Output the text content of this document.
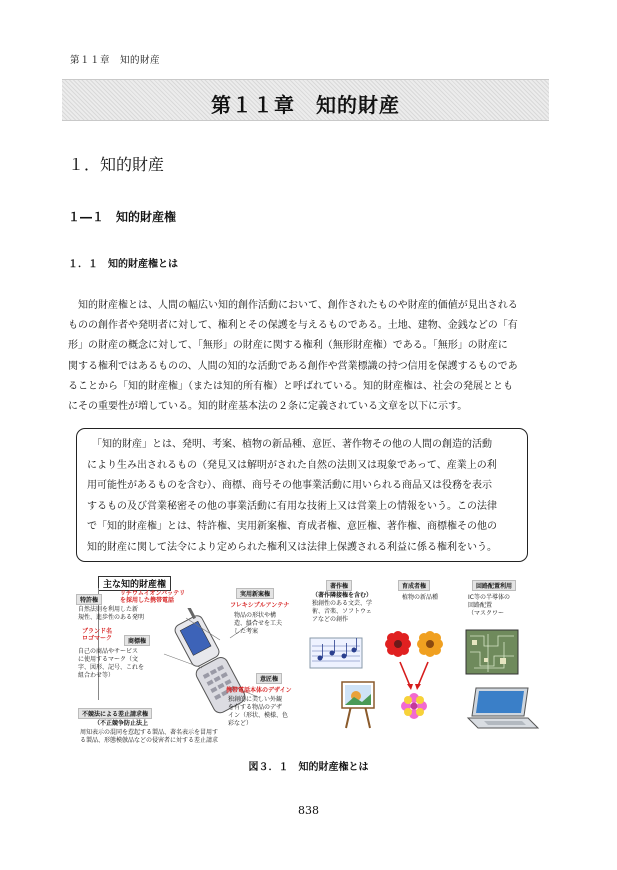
第１１章　知的財産
第１１章　知的財産
１．知的財産
１―１　知的財産権
１．１　知的財産権とは

　知的財産権とは、人間の幅広い知的創作活動において、創作されたものや財産的価値が見出される

ものの創作者や発明者に対して、権利とその保護を与えるものである。土地、建物、金銭などの「有

形」の財産の概念に対して、「無形」の財産に関する権利（無形財産権）である。「無形」の財産に

関する権利ではあるものの、人間の知的な活動である創作や営業標識の持つ信用を保護するものであ

ることから「知的財産権」（または知的所有権）と呼ばれている。知的財産権は、社会の発展ととも

にその重要性が増している。知的財産基本法の２条に定義されている文章を以下に示す。

　「知的財産」とは、発明、考案、植物の新品種、意匠、著作物その他の人間の創造的活動

により生み出されるもの（発見又は解明がされた自然の法則又は現象であって、産業上の利

用可能性があるものを含む）、商標、商号その他事業活動に用いられる商品又は役務を表示

するもの及び営業秘密その他の事業活動に有用な技術上又は営業上の情報をいう。この法律

で「知的財産権」とは、特許権、実用新案権、育成者権、意匠権、著作権、商標権その他の

知的財産に関して法令により定められた権利又は法律上保護される利益に係る権利をいう。

主な知的財産権
特許権
リチウムイオンバッテリ
を採用した携帯電話
自然法則を利用した新
規性、進歩性のある発明
ブランド名
ロゴマーク	商標権
自己の商品やサービス
に使用するマーク（文
字、図形、記号、これを
組合わせ等）
不競法による差止請求権
（不正競争防止法上
周知表示の混同を惹起する製品、著名表示を冒用す
る製品、形態模倣品などの侵害者に対する差止請求
実用新案権
フレキシブルアンテナ
物品の形状や構
造、組合せを工夫
した考案
意匠権
携帯電話本体のデザイン
独創的に美しい外観
を有する物品のデザ
イン（形状、模様、色
彩など）
著作権
（著作隣接権を含む）
独創性のある文芸、学
術、音楽、ソフトウェ
アなどの創作
育成者権
植物の新品種
回路配置利用
IC等の半導体の
回路配置
（マスクワー
図３．１　知的財産権とは
838
